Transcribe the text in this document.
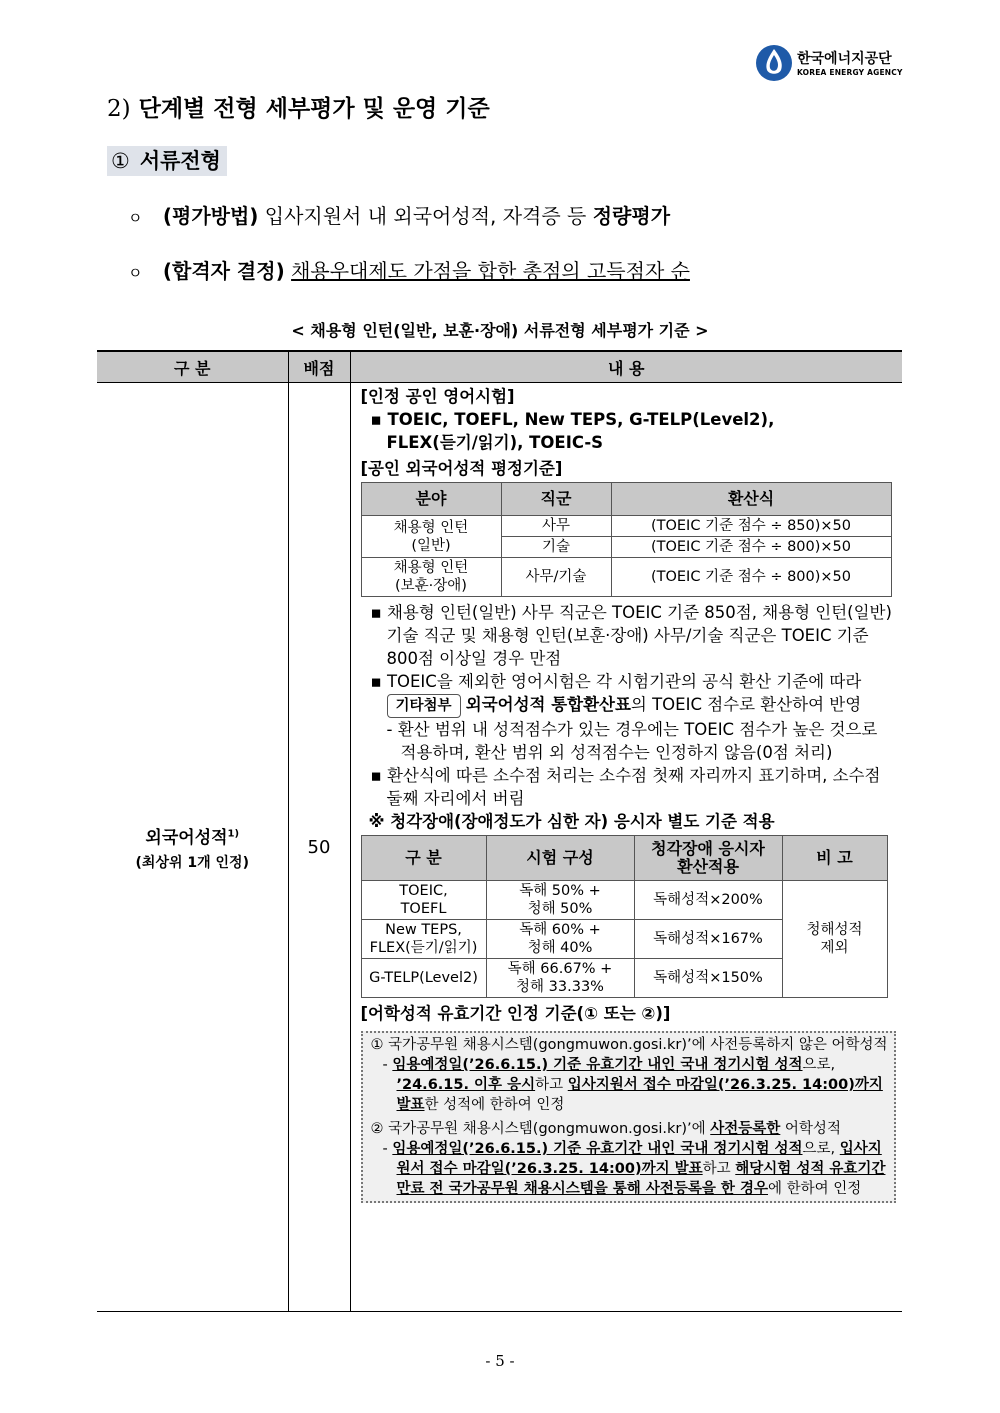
한국에너지공단
KOREA ENERGY AGENCY
2) 단계별 전형 세부평가 및 운영 기준
① 서류전형
ㅇ (평가방법) 입사지원서 내 외국어성적, 자격증 등 정량평가
ㅇ (합격자 결정) 채용우대제도 가점을 합한 총점의 고득점자 순
< 채용형 인턴(일반, 보훈·장애) 서류전형 세부평가 기준 >
구 분	배점	내 용

외국어성적$^{1)}$
(최상위 1개 인정)
	50	
[인정 공인 영어시험]
▪ TOEIC, TOEFL, New TEPS, G-TELP(Level2),
FLEX(듣기/읽기), TOEIC-S
[공인 외국어성적 평정기준]
분야	직군	환산식
채용형 인턴
(일반)	사무	(TOEIC 기준 점수 ÷ 850)×50
기술	(TOEIC 기준 점수 ÷ 800)×50
채용형 인턴
(보훈·장애)	사무/기술	(TOEIC 기준 점수 ÷ 800)×50
▪ 채용형 인턴(일반) 사무 직군은 TOEIC 기준 850점, 채용형 인턴(일반) 기술 직군 및 채용형 인턴(보훈·장애) 사무/기술 직군은 TOEIC 기준 800점 이상일 경우 만점
▪ TOEIC을 제외한 영어시험은 각 시험기관의 공식 환산 기준에 따라 기타첨부 외국어성적 통합환산표의 TOEIC 점수로 환산하여 반영
- 환산 범위 내 성적점수가 있는 경우에는 TOEIC 점수가 높은 것으로 적용하며, 환산 범위 외 성적점수는 인정하지 않음(0점 처리)
▪ 환산식에 따른 소수점 처리는 소수점 첫째 자리까지 표기하며, 소수점 둘째 자리에서 버림
※ 청각장애(장애정도가 심한 자) 응시자 별도 기준 적용
구 분	시험 구성	청각장애 응시자 환산적용	비 고
TOEIC,
TOEFL	독해 50% +
청해 50%	독해성적×200%	청해성적
제외
New TEPS,
FLEX(듣기/읽기)	독해 60% +
청해 40%	독해성적×167%
G-TELP(Level2)	독해 66.67% +
청해 33.33%	독해성적×150%
[어학성적 유효기간 인정 기준(① 또는 ②)]
① 국가공무원 채용시스템(gongmuwon.gosi.kr)’에 사전등록하지 않은 어학성적
- 임용예정일(’26.6.15.) 기준 유효기간 내인 국내 정기시험 성적으로, ’24.6.15. 이후 응시하고 입사지원서 접수 마감일(’26.3.25. 14:00)까지 발표한 성적에 한하여 인정
② 국가공무원 채용시스템(gongmuwon.gosi.kr)’에 사전등록한 어학성적
- 임용예정일(’26.6.15.) 기준 유효기간 내인 국내 정기시험 성적으로, 입사지원서 접수 마감일(’26.3.25. 14:00)까지 발표하고 해당시험 성적 유효기간 만료 전 국가공무원 채용시스템을 통해 사전등록을 한 경우에 한하여 인정
- 5 -
